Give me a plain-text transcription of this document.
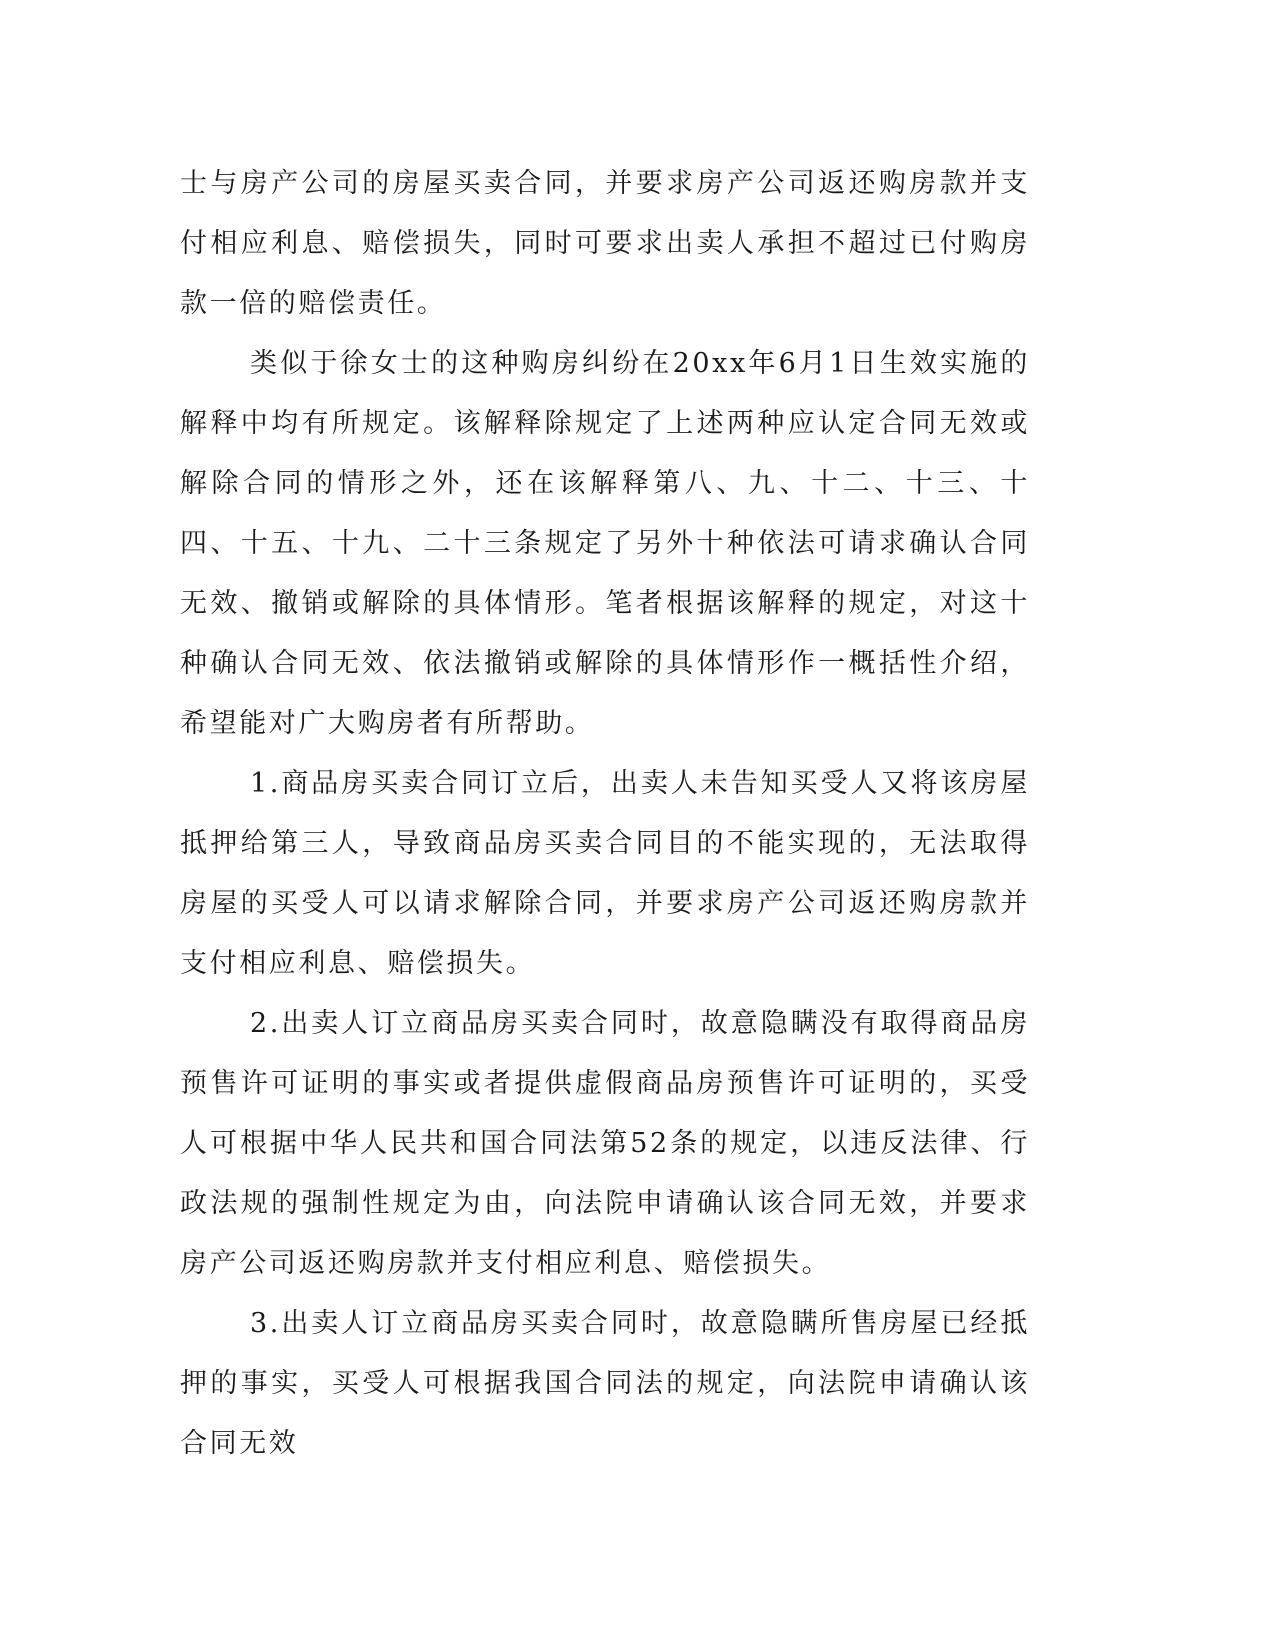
士与房产公司的房屋买卖合同，并要求房产公司返还购房款并支付相应利息、赔偿损失，同时可要求出卖人承担不超过已付购房款一倍的赔偿责任。

类似于徐女士的这种购房纠纷在20xx年6月1日生效实施的解释中均有所规定。该解释除规定了上述两种应认定合同无效或解除合同的情形之外，还在该解释第八、九、十二、十三、十四、十五、十九、二十三条规定了另外十种依法可请求确认合同无效、撤销或解除的具体情形。笔者根据该解释的规定，对这十种确认合同无效、依法撤销或解除的具体情形作一概括性介绍，希望能对广大购房者有所帮助。

1.商品房买卖合同订立后，出卖人未告知买受人又将该房屋抵押给第三人，导致商品房买卖合同目的不能实现的，无法取得房屋的买受人可以请求解除合同，并要求房产公司返还购房款并支付相应利息、赔偿损失。

2.出卖人订立商品房买卖合同时，故意隐瞒没有取得商品房预售许可证明的事实或者提供虚假商品房预售许可证明的，买受人可根据中华人民共和国合同法第52条的规定，以违反法律、行政法规的强制性规定为由，向法院申请确认该合同无效，并要求房产公司返还购房款并支付相应利息、赔偿损失。

3.出卖人订立商品房买卖合同时，故意隐瞒所售房屋已经抵押的事实，买受人可根据我国合同法的规定，向法院申请确认该合同无效
